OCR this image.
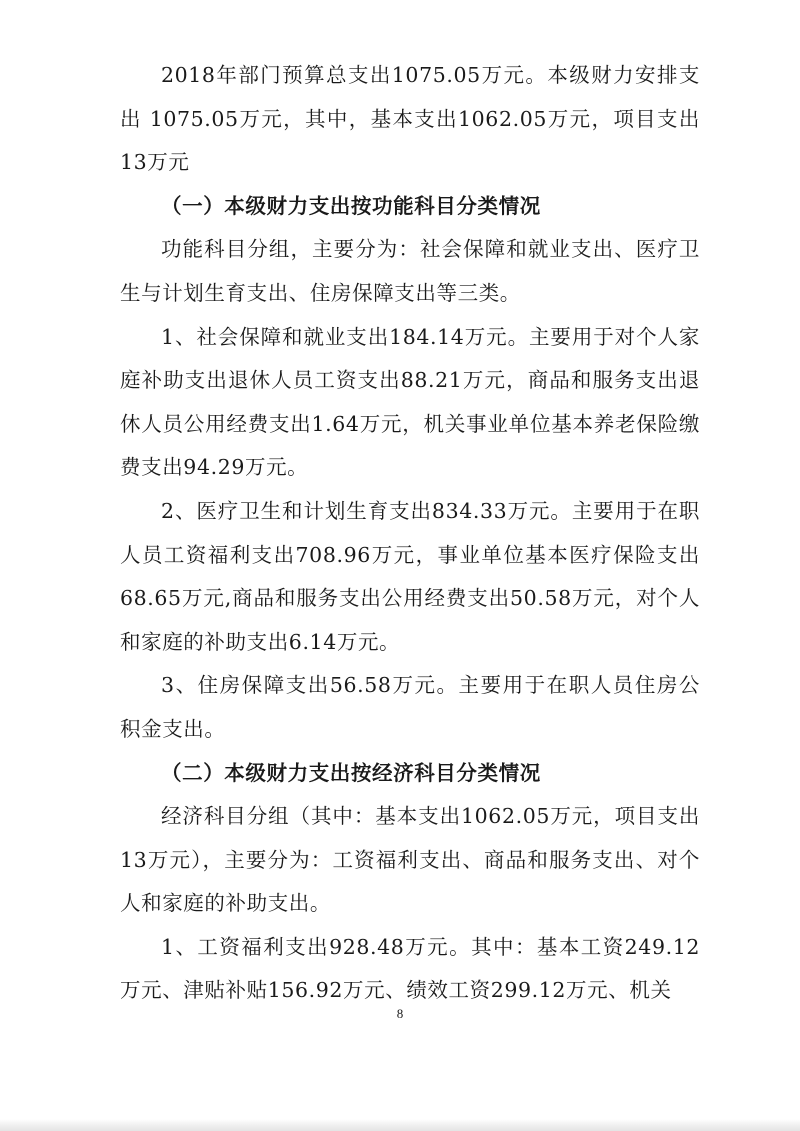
2018年部门预算总支出1075.05万元。本级财力安排支出 1075.05万元，其中，基本支出1062.05万元，项目支出13万元

（一）本级财力支出按功能科目分类情况

功能科目分组，主要分为：社会保障和就业支出、医疗卫生与计划生育支出、住房保障支出等三类。

1、社会保障和就业支出184.14万元。主要用于对个人家庭补助支出退休人员工资支出88.21万元，商品和服务支出退休人员公用经费支出1.64万元，机关事业单位基本养老保险缴费支出94.29万元。

2、医疗卫生和计划生育支出834.33万元。主要用于在职人员工资福利支出708.96万元，事业单位基本医疗保险支出68.65万元,商品和服务支出公用经费支出50.58万元，对个人和家庭的补助支出6.14万元。

3、住房保障支出56.58万元。主要用于在职人员住房公积金支出。

（二）本级财力支出按经济科目分类情况

经济科目分组（其中：基本支出1062.05万元，项目支出13万元），主要分为：工资福利支出、商品和服务支出、对个人和家庭的补助支出。

1、工资福利支出928.48万元。其中：基本工资249.12万元、津贴补贴156.92万元、绩效工资299.12万元、机关

8
